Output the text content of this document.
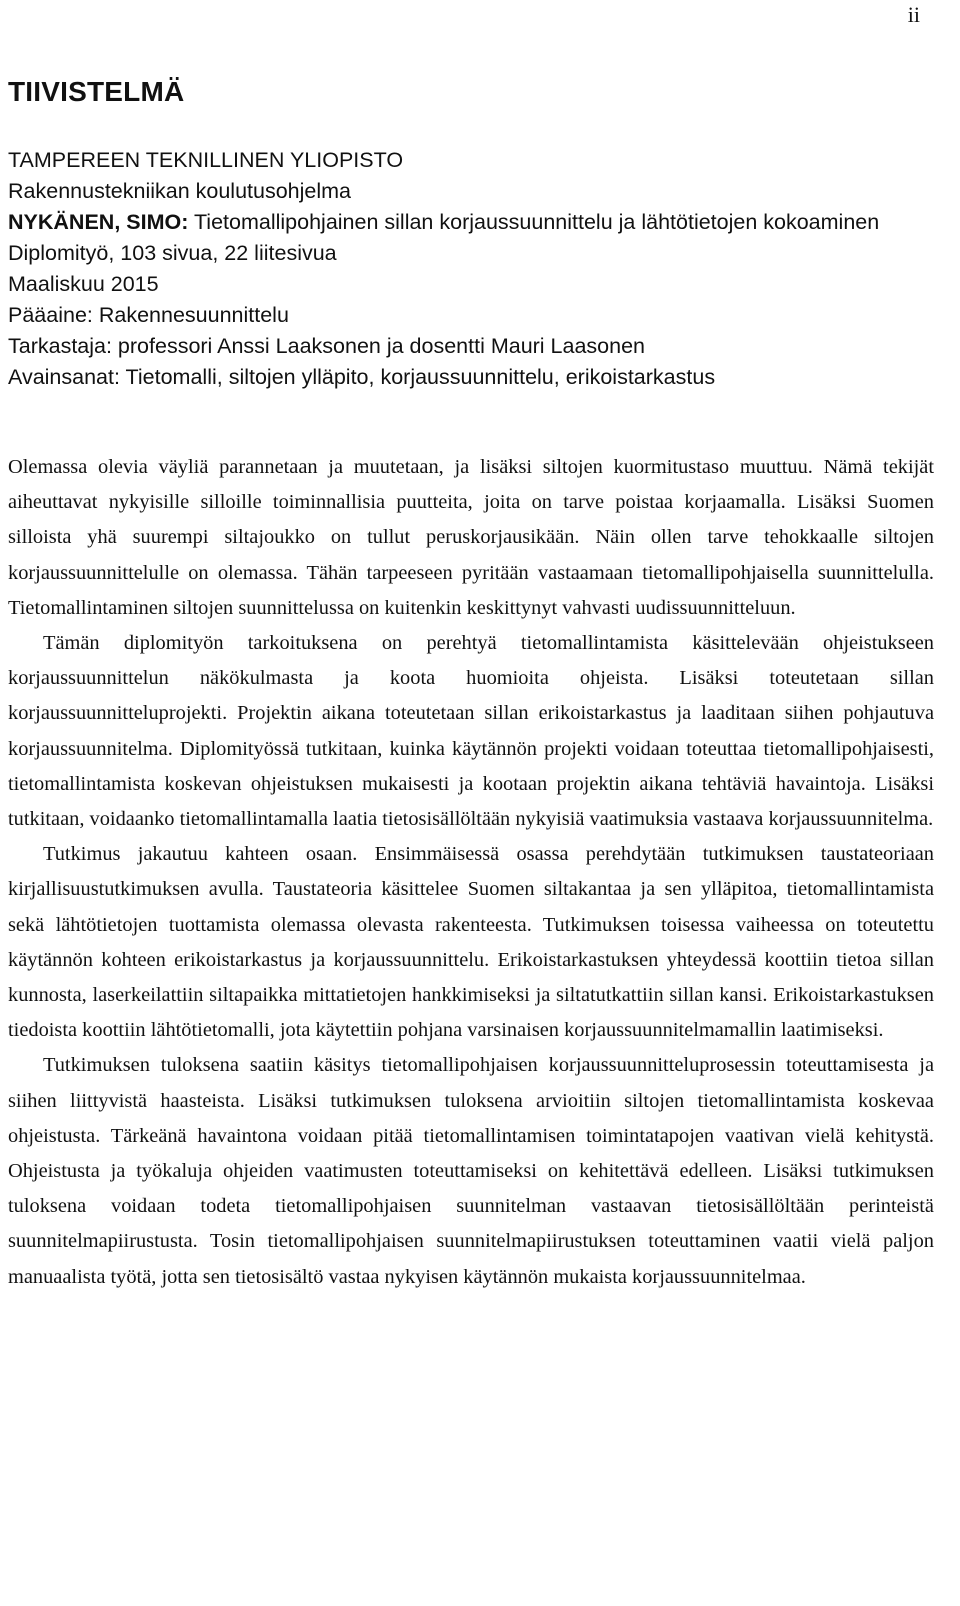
ii
TIIVISTELMÄ
TAMPEREEN TEKNILLINEN YLIOPISTO
Rakennustekniikan koulutusohjelma
NYKÄNEN, SIMO: Tietomallipohjainen sillan korjaussuunnittelu ja lähtötietojen kokoaminen
Diplomityö, 103 sivua, 22 liitesivua
Maaliskuu 2015
Pääaine: Rakennesuunnittelu
Tarkastaja: professori Anssi Laaksonen ja dosentti Mauri Laasonen
Avainsanat: Tietomalli, siltojen ylläpito, korjaussuunnittelu, erikoistarkastus

Olemassa olevia väyliä parannetaan ja muutetaan, ja lisäksi siltojen kuormitustaso muuttuu. Nämä tekijät aiheuttavat nykyisille silloille toiminnallisia puutteita, joita on tarve poistaa korjaamalla. Lisäksi Suomen silloista yhä suurempi siltajoukko on tullut peruskorjausikään. Näin ollen tarve tehokkaalle siltojen korjaussuunnittelulle on olemassa. Tähän tarpeeseen pyritään vastaamaan tietomallipohjaisella suunnittelulla. Tietomallintaminen siltojen suunnittelussa on kuitenkin keskittynyt vahvasti uudissuunnitteluun.

Tämän diplomityön tarkoituksena on perehtyä tietomallintamista käsittelevään ohjeistukseen korjaussuunnittelun näkökulmasta ja koota huomioita ohjeista. Lisäksi toteutetaan sillan korjaussuunnitteluprojekti. Projektin aikana toteutetaan sillan erikoistarkastus ja laaditaan siihen pohjautuva korjaussuunnitelma. Diplomityössä tutkitaan, kuinka käytännön projekti voidaan toteuttaa tietomallipohjaisesti, tietomallintamista koskevan ohjeistuksen mukaisesti ja kootaan projektin aikana tehtäviä havaintoja. Lisäksi tutkitaan, voidaanko tietomallintamalla laatia tietosisällöltään nykyisiä vaatimuksia vastaava korjaussuunnitelma.

Tutkimus jakautuu kahteen osaan. Ensimmäisessä osassa perehdytään tutkimuksen taustateoriaan kirjallisuustutkimuksen avulla. Taustateoria käsittelee Suomen siltakantaa ja sen ylläpitoa, tietomallintamista sekä lähtötietojen tuottamista olemassa olevasta rakenteesta. Tutkimuksen toisessa vaiheessa on toteutettu käytännön kohteen erikoistarkastus ja korjaussuunnittelu. Erikoistarkastuksen yhteydessä koottiin tietoa sillan kunnosta, laserkeilattiin siltapaikka mittatietojen hankkimiseksi ja siltatutkattiin sillan kansi. Erikoistarkastuksen tiedoista koottiin lähtötietomalli, jota käytettiin pohjana varsinaisen korjaussuunnitelmamallin laatimiseksi.

Tutkimuksen tuloksena saatiin käsitys tietomallipohjaisen korjaussuunnitteluprosessin toteuttamisesta ja siihen liittyvistä haasteista. Lisäksi tutkimuksen tuloksena arvioitiin siltojen tietomallintamista koskevaa ohjeistusta. Tärkeänä havaintona voidaan pitää tietomallintamisen toimintatapojen vaativan vielä kehitystä. Ohjeistusta ja työkaluja ohjeiden vaatimusten toteuttamiseksi on kehitettävä edelleen. Lisäksi tutkimuksen tuloksena voidaan todeta tietomallipohjaisen suunnitelman vastaavan tietosisällöltään perinteistä suunnitelmapiirustusta. Tosin tietomallipohjaisen suunnitelmapiirustuksen toteuttaminen vaatii vielä paljon manuaalista työtä, jotta sen tietosisältö vastaa nykyisen käytännön mukaista korjaussuunnitelmaa.
